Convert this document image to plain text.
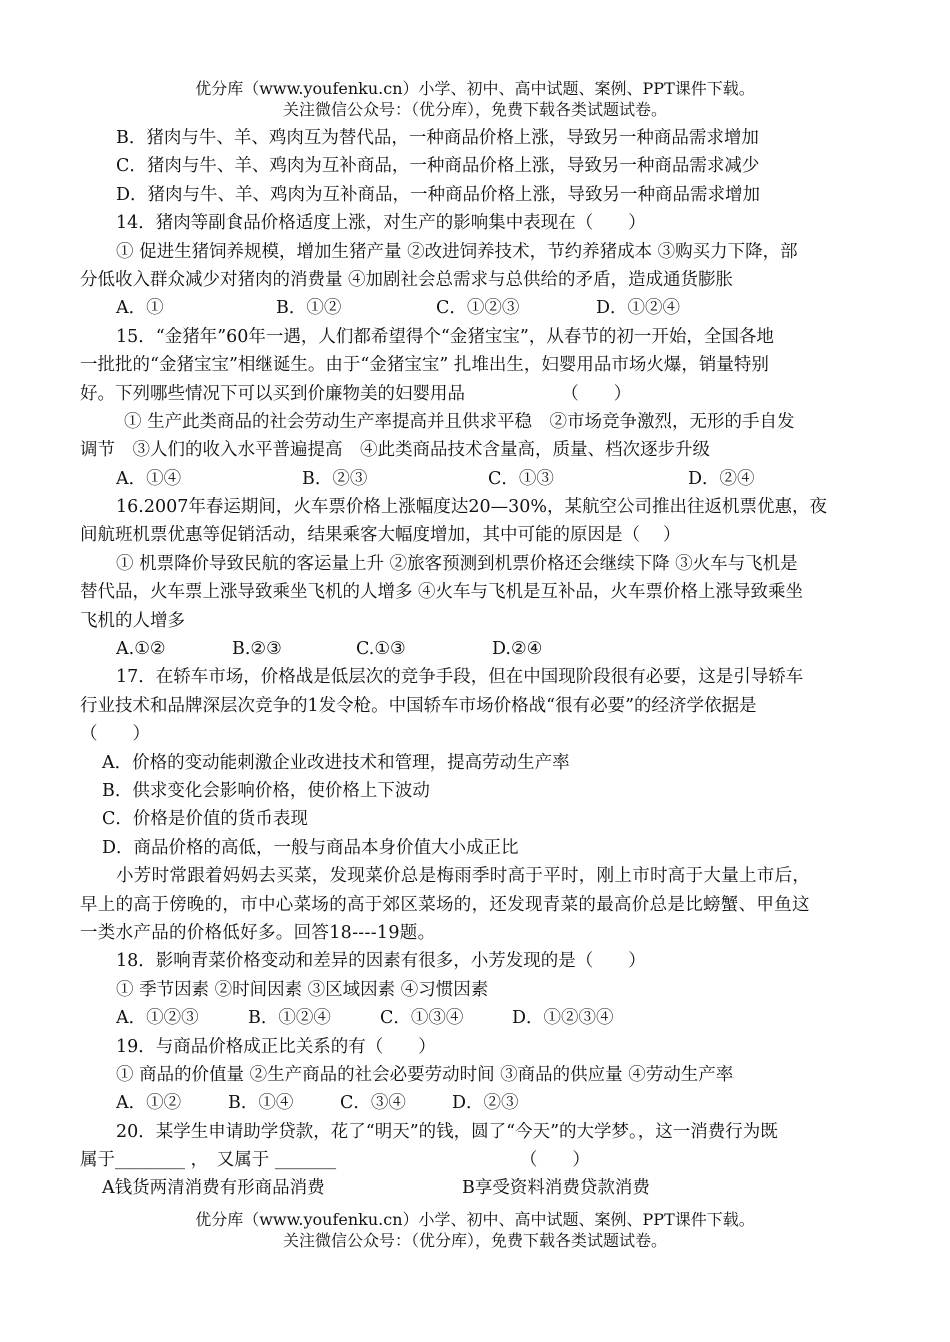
优分库（www.youfenku.cn）小学、初中、高中试题、案例、PPT课件下载。
关注微信公众号：（优分库），免费下载各类试题试卷。
B．猪肉与牛、羊、鸡肉互为替代品，一种商品价格上涨，导致另一种商品需求增加
C．猪肉与牛、羊、鸡肉为互补商品，一种商品价格上涨，导致另一种商品需求减少
D．猪肉与牛、羊、鸡肉为互补商品，一种商品价格上涨，导致另一种商品需求增加
14．猪肉等副食品价格适度上涨，对生产的影响集中表现在（　　）
① 促进生猪饲养规模，增加生猪产量 ②改进饲养技术，节约养猪成本 ③购买力下降，部
分低收入群众减少对猪肉的消费量 ④加剧社会总需求与总供给的矛盾，造成通货膨胀
A．①	B．①②	C．①②③	D．①②④
15．“金猪年”60年一遇，人们都希望得个“金猪宝宝”，从春节的初一开始，全国各地
一批批的“金猪宝宝”相继诞生。由于“金猪宝宝” 扎堆出生，妇婴用品市场火爆，销量特别
好。下列哪些情况下可以买到价廉物美的妇婴用品　　　　　　（　　）
① 生产此类商品的社会劳动生产率提高并且供求平稳　②市场竞争激烈，无形的手自发
调节　③人们的收入水平普遍提高　④此类商品技术含量高，质量、档次逐步升级
A．①④	B．②③	C．①③	D．②④
16.2007年春运期间，火车票价格上涨幅度达20—30%，某航空公司推出往返机票优惠，夜
间航班机票优惠等促销活动，结果乘客大幅度增加，其中可能的原因是（　 ）
① 机票降价导致民航的客运量上升 ②旅客预测到机票价格还会继续下降 ③火车与飞机是
替代品，火车票上涨导致乘坐飞机的人增多 ④火车与飞机是互补品，火车票价格上涨导致乘坐
飞机的人增多
A.①②	B.②③	C.①③	D.②④
17．在轿车市场，价格战是低层次的竞争手段，但在中国现阶段很有必要，这是引导轿车
行业技术和品牌深层次竞争的1发令枪。中国轿车市场价格战“很有必要”的经济学依据是
（　　）
A．价格的变动能刺激企业改进技术和管理，提高劳动生产率
B．供求变化会影响价格，使价格上下波动
C．价格是价值的货币表现
D．商品价格的高低，一般与商品本身价值大小成正比
小芳时常跟着妈妈去买菜，发现菜价总是梅雨季时高于平时，刚上市时高于大量上市后，
早上的高于傍晚的，市中心菜场的高于郊区菜场的，还发现青菜的最高价总是比螃蟹、甲鱼这
一类水产品的价格低好多。回答18----19题。
18．影响青菜价格变动和差异的因素有很多，小芳发现的是（　　）
① 季节因素 ②时间因素 ③区域因素 ④习惯因素
A．①②③	B．①②④	C．①③④	D．①②③④
19．与商品价格成正比关系的有（　　）
① 商品的价值量 ②生产商品的社会必要劳动时间 ③商品的供应量 ④劳动生产率
A．①②	B．①④	C．③④	D．②③
20．某学生申请助学贷款，花了“明天”的钱，圆了“今天”的大学梦。，这一消费行为既
属于________ ，　又属于 _______　　　　　　　　　　　（　　）
A钱货两清消费有形商品消费	B享受资料消费贷款消费
优分库（www.youfenku.cn）小学、初中、高中试题、案例、PPT课件下载。
关注微信公众号：（优分库），免费下载各类试题试卷。
